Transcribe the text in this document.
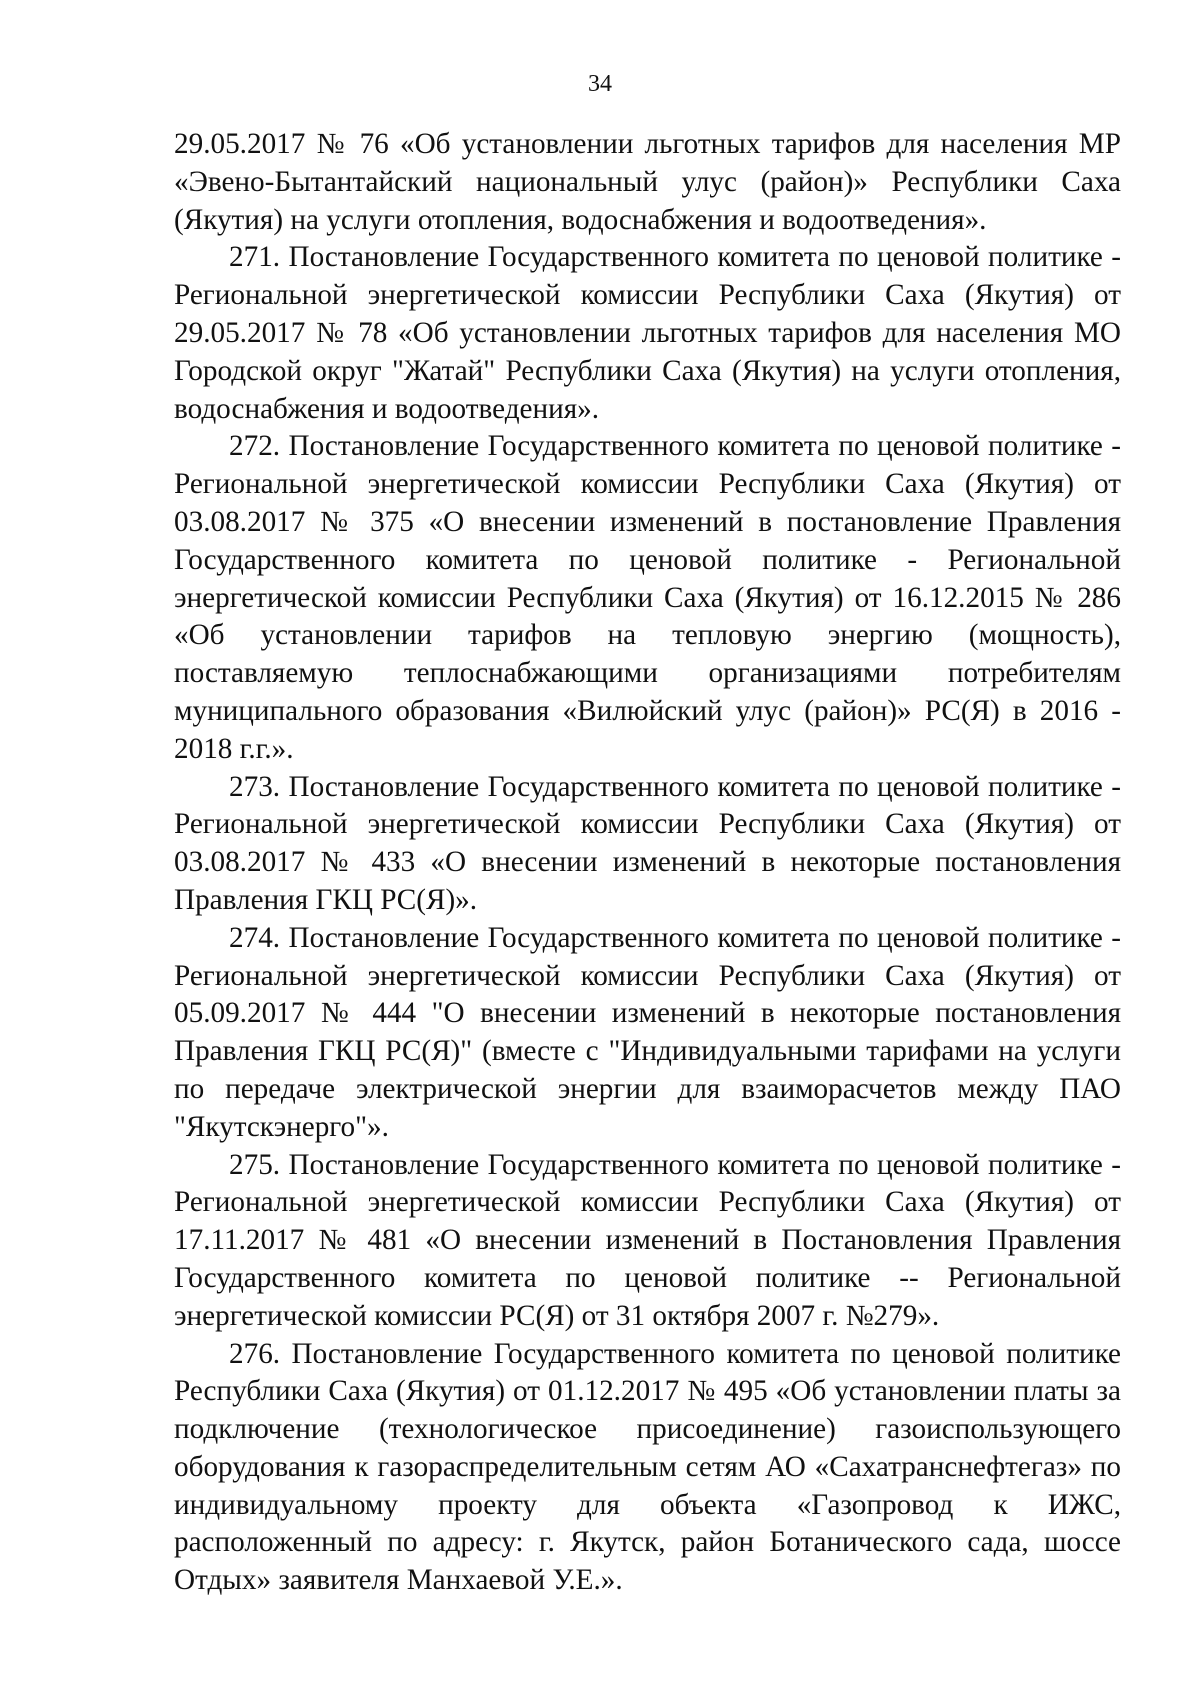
34

29.05.2017 № 76 «Об установлении льготных тарифов для населения МР «Эвено-Бытантайский национальный улус (район)» Республики Саха (Якутия) на услуги отопления, водоснабжения и водоотведения».

271. Постановление Государственного комитета по ценовой политике - Региональной энергетической комиссии Республики Саха (Якутия) от 29.05.2017 № 78 «Об установлении льготных тарифов для населения МО Городской округ "Жатай" Республики Саха (Якутия) на услуги отопления, водоснабжения и водоотведения».

272. Постановление Государственного комитета по ценовой политике - Региональной энергетической комиссии Республики Саха (Якутия) от 03.08.2017 № 375 «О внесении изменений в постановление Правления Государственного комитета по ценовой политике - Региональной энергетической комиссии Республики Саха (Якутия) от 16.12.2015 № 286 «Об установлении тарифов на тепловую энергию (мощность), поставляемую теплоснабжающими организациями потребителям муниципального образования «Вилюйский улус (район)» РС(Я) в 2016 - 2018 г.г.».

273. Постановление Государственного комитета по ценовой политике - Региональной энергетической комиссии Республики Саха (Якутия) от 03.08.2017 № 433 «О внесении изменений в некоторые постановления Правления ГКЦ РС(Я)».

274. Постановление Государственного комитета по ценовой политике - Региональной энергетической комиссии Республики Саха (Якутия) от 05.09.2017 № 444 "О внесении изменений в некоторые постановления Правления ГКЦ РС(Я)" (вместе с "Индивидуальными тарифами на услуги по передаче электрической энергии для взаиморасчетов между ПАО "Якутскэнерго"».

275. Постановление Государственного комитета по ценовой политике - Региональной энергетической комиссии Республики Саха (Якутия) от 17.11.2017 № 481 «О внесении изменений в Постановления Правления Государственного комитета по ценовой политике -- Региональной энергетической комиссии РС(Я) от 31 октября 2007 г. №279».

276. Постановление Государственного комитета по ценовой политике Республики Саха (Якутия) от 01.12.2017 № 495 «Об установлении платы за подключение (технологическое присоединение) газоиспользующего оборудования к газораспределительным сетям АО «Сахатранснефтегаз» по индивидуальному проекту для объекта «Газопровод к ИЖС, расположенный по адресу: г. Якутск, район Ботанического сада, шоссе Отдых» заявителя Манхаевой У.Е.».
